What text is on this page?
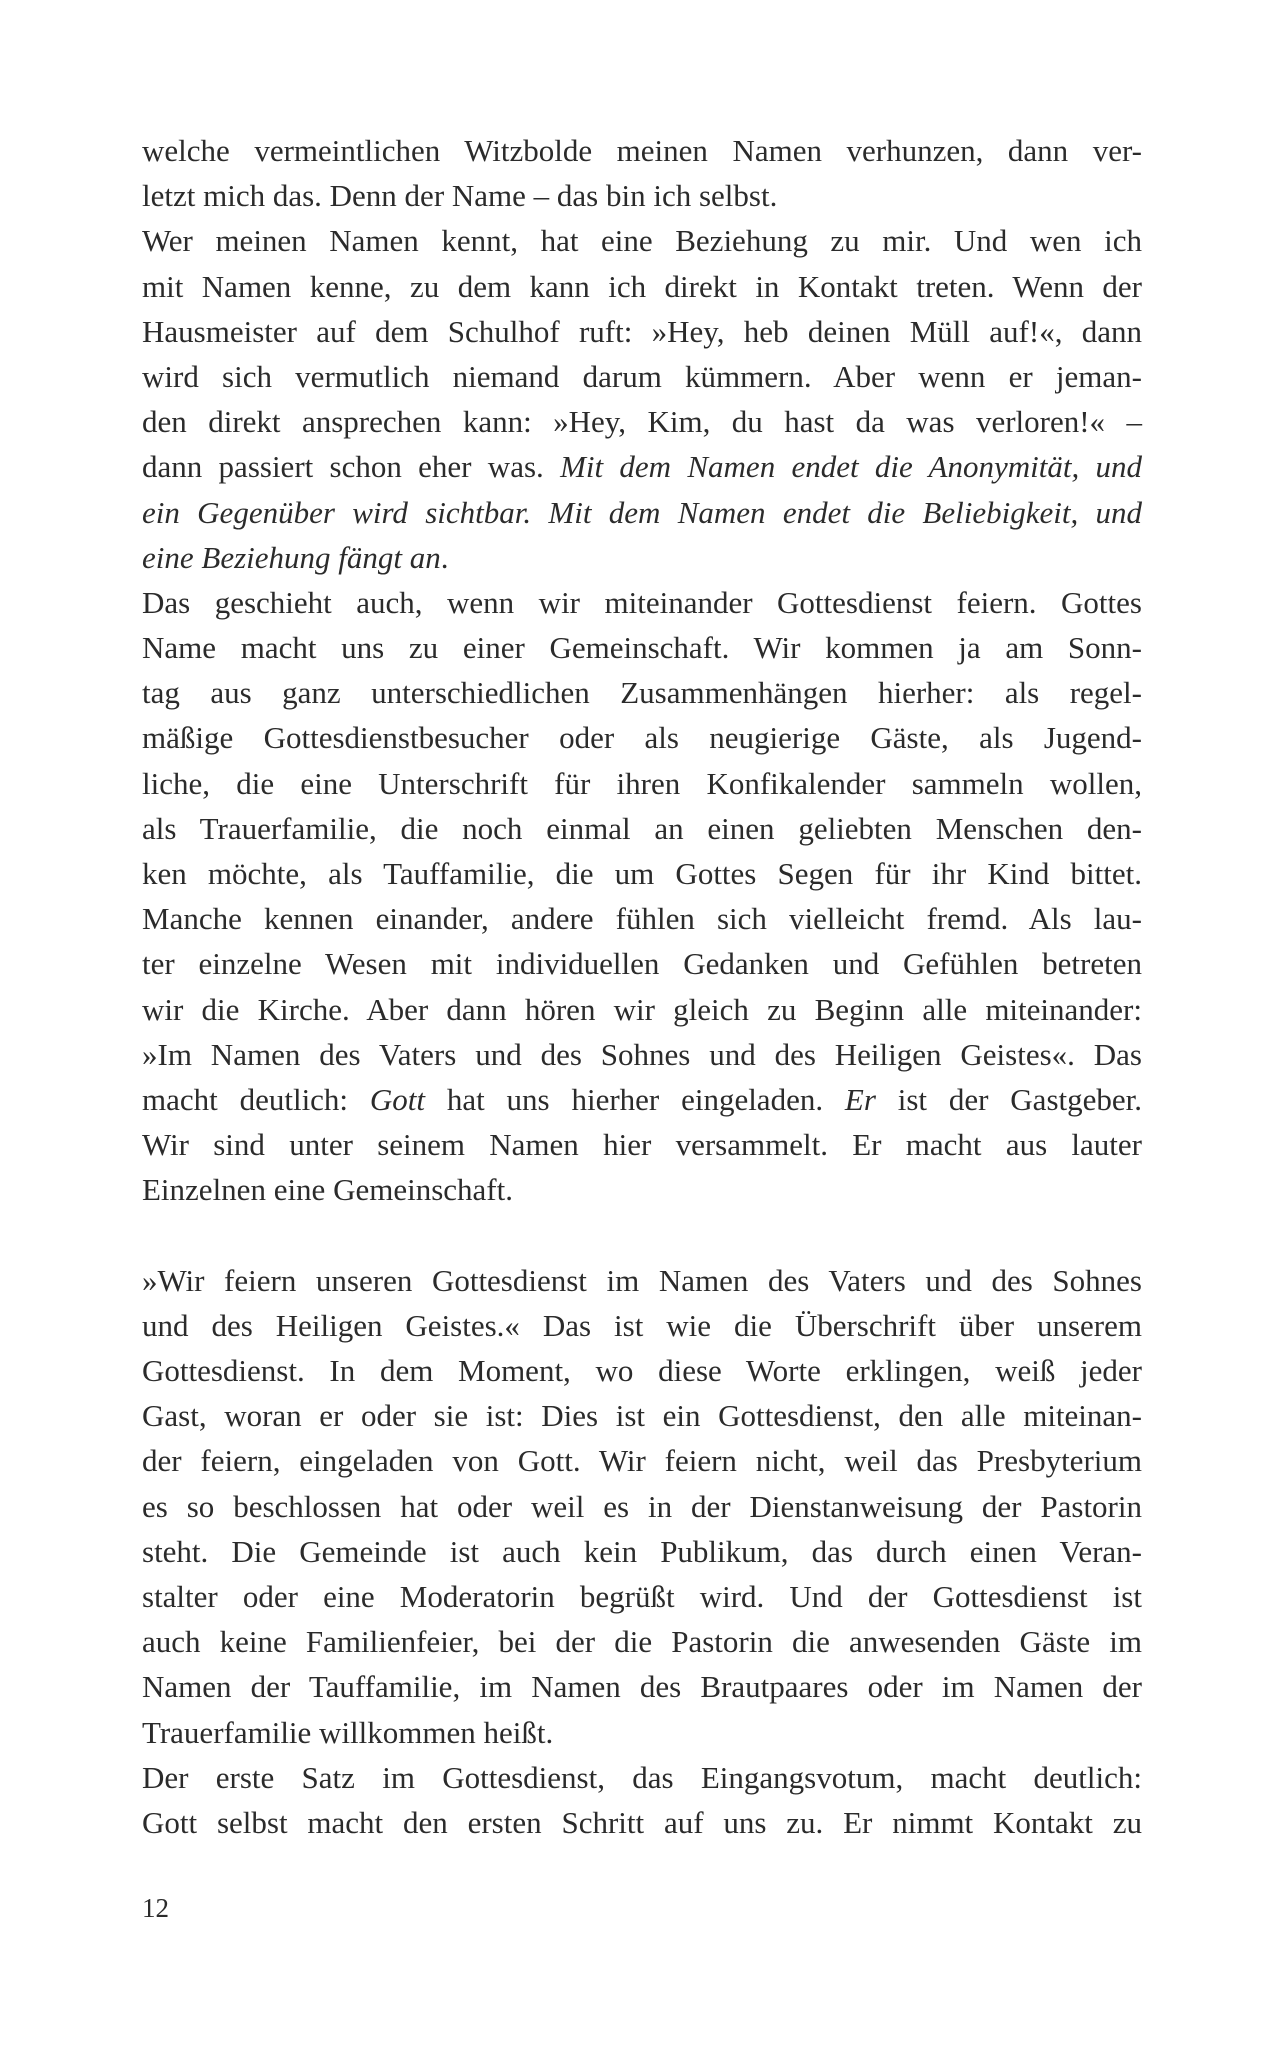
welche vermeintlichen Witzbolde meinen Namen verhunzen, dann ver-
letzt mich das. Denn der Name – das bin ich selbst.
Wer meinen Namen kennt, hat eine Beziehung zu mir. Und wen ich
mit Namen kenne, zu dem kann ich direkt in Kontakt treten. Wenn der
Hausmeister auf dem Schulhof ruft: »Hey, heb deinen Müll auf!«, dann
wird sich vermutlich niemand darum kümmern. Aber wenn er jeman-
den direkt ansprechen kann: »Hey, Kim, du hast da was verloren!« –
dann passiert schon eher was. Mit dem Namen endet die Anonymität, und
ein Gegenüber wird sichtbar. Mit dem Namen endet die Beliebigkeit, und
eine Beziehung fängt an.
Das geschieht auch, wenn wir miteinander Gottesdienst feiern. Gottes
Name macht uns zu einer Gemeinschaft. Wir kommen ja am Sonn-
tag aus ganz unterschiedlichen Zusammenhängen hierher: als regel-
mäßige Gottesdienstbesucher oder als neugierige Gäste, als Jugend-
liche, die eine Unterschrift für ihren Konfikalender sammeln wollen,
als Trauerfamilie, die noch einmal an einen geliebten Menschen den-
ken möchte, als Tauffamilie, die um Gottes Segen für ihr Kind bittet.
Manche kennen einander, andere fühlen sich vielleicht fremd. Als lau-
ter einzelne Wesen mit individuellen Gedanken und Gefühlen betreten
wir die Kirche. Aber dann hören wir gleich zu Beginn alle miteinander:
»Im Namen des Vaters und des Sohnes und des Heiligen Geistes«. Das
macht deutlich: Gott hat uns hierher eingeladen. Er ist der Gastgeber.
Wir sind unter seinem Namen hier versammelt. Er macht aus lauter
Einzelnen eine Gemeinschaft.
»Wir feiern unseren Gottesdienst im Namen des Vaters und des Sohnes
und des Heiligen Geistes.« Das ist wie die Überschrift über unserem
Gottesdienst. In dem Moment, wo diese Worte erklingen, weiß jeder
Gast, woran er oder sie ist: Dies ist ein Gottesdienst, den alle miteinan-
der feiern, eingeladen von Gott. Wir feiern nicht, weil das Presbyterium
es so beschlossen hat oder weil es in der Dienstanweisung der Pastorin
steht. Die Gemeinde ist auch kein Publikum, das durch einen Veran-
stalter oder eine Moderatorin begrüßt wird. Und der Gottesdienst ist
auch keine Familienfeier, bei der die Pastorin die anwesenden Gäste im
Namen der Tauffamilie, im Namen des Brautpaares oder im Namen der
Trauerfamilie willkommen heißt.
Der erste Satz im Gottesdienst, das Eingangsvotum, macht deutlich:
Gott selbst macht den ersten Schritt auf uns zu. Er nimmt Kontakt zu
12
